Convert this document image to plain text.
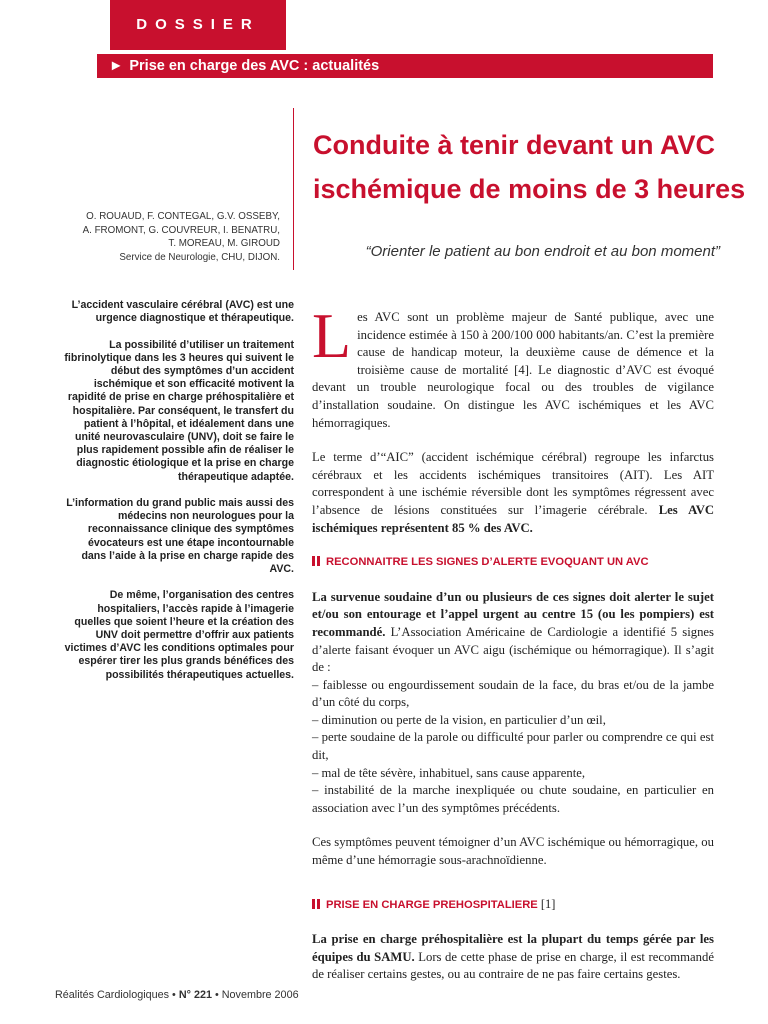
DOSSIER
► Prise en charge des AVC : actualités
Conduite à tenir devant un AVC ischémique de moins de 3 heures
O. ROUAUD, F. CONTEGAL, G.V. OSSEBY,
A. FROMONT, G. COUVREUR, I. BENATRU,
T. MOREAU, M. GIROUD
Service de Neurologie, CHU, DIJON.	“Orienter le patient au bon endroit et au bon moment”

L’accident vasculaire cérébral (AVC) est une urgence diagnostique et thérapeutique.

La possibilité d’utiliser un traitement fibrinolytique dans les 3 heures qui suivent le début des symptômes d’un accident ischémique et son efficacité motivent la rapidité de prise en charge préhospitalière et hospitalière. Par conséquent, le transfert du patient à l’hôpital, et idéalement dans une unité neurovasculaire (UNV), doit se faire le plus rapidement possible afin de réaliser le diagnostic étiologique et la prise en charge thérapeutique adaptée.

L’information du grand public mais aussi des médecins non neurologues pour la reconnaissance clinique des symptômes évocateurs est une étape incontournable dans l’aide à la prise en charge rapide des AVC.

De même, l’organisation des centres hospitaliers, l’accès rapide à l’imagerie quelles que soient l’heure et la création des UNV doit permettre d’offrir aux patients victimes d’AVC les conditions optimales pour espérer tirer les plus grands bénéfices des possibilités thérapeutiques actuelles.

Les AVC sont un problème majeur de Santé publique, avec une incidence estimée à 150 à 200/100 000 habitants/an. C’est la première cause de handicap moteur, la deuxième cause de démence et la troisième cause de mortalité [4]. Le diagnostic d’AVC est évoqué devant un trouble neurologique focal ou des troubles de vigilance d’installation soudaine. On distingue les AVC ischémiques et les AVC hémorragiques.

Le terme d’“AIC” (accident ischémique cérébral) regroupe les infarctus cérébraux et les accidents ischémiques transitoires (AIT). Les AIT correspondent à une ischémie réversible dont les symptômes régressent avec l’absence de lésions constituées sur l’imagerie cérébrale. Les AVC ischémiques représentent 85 % des AVC.

RECONNAITRE LES SIGNES D’ALERTE EVOQUANT UN AVC

La survenue soudaine d’un ou plusieurs de ces signes doit alerter le sujet et/ou son entourage et l’appel urgent au centre 15 (ou les pompiers) est recommandé. L’Association Américaine de Cardiologie a identifié 5 signes d’alerte faisant évoquer un AVC aigu (ischémique ou hémorragique). Il s’agit de :

– faiblesse ou engourdissement soudain de la face, du bras et/ou de la jambe d’un côté du corps,
– diminution ou perte de la vision, en particulier d’un œil,
– perte soudaine de la parole ou difficulté pour parler ou comprendre ce qui est dit,
– mal de tête sévère, inhabituel, sans cause apparente,
– instabilité de la marche inexpliquée ou chute soudaine, en particulier en association avec l’un des symptômes précédents.

Ces symptômes peuvent témoigner d’un AVC ischémique ou hémorragique, ou même d’une hémorragie sous-arachnoïdienne.

PRISE EN CHARGE PREHOSPITALIERE [1]

La prise en charge préhospitalière est la plupart du temps gérée par les équipes du SAMU. Lors de cette phase de prise en charge, il est recommandé de réaliser certains gestes, ou au contraire de ne pas faire certains gestes.

Réalités Cardiologiques • N° 221 • Novembre 2006
